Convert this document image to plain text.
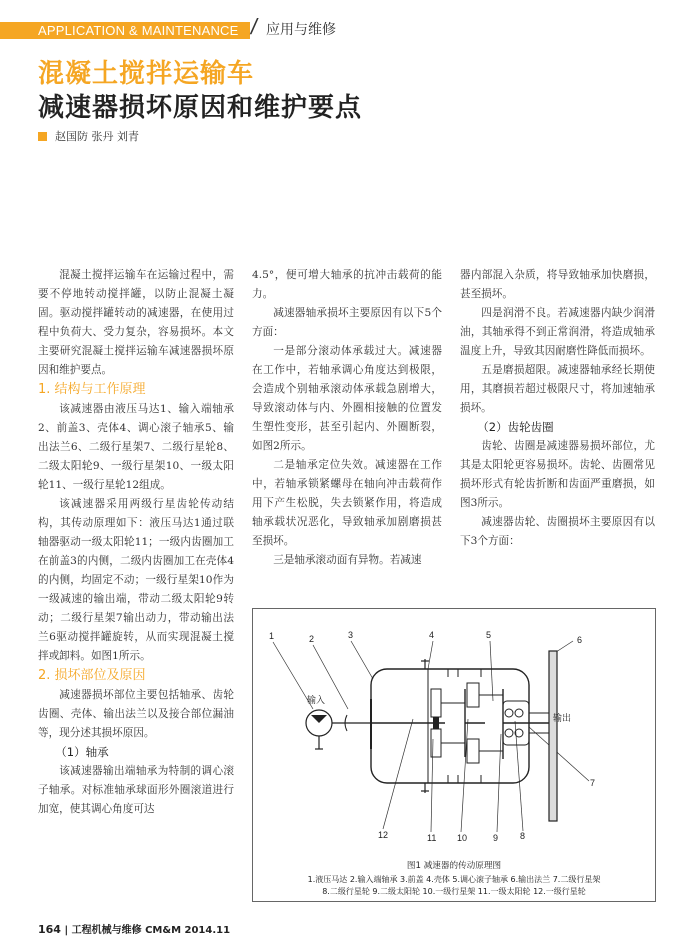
APPLICATION & MAINTENANCE / 应用与维修
混凝土搅拌运输车
减速器损坏原因和维护要点
赵国防 张丹 刘青

混凝土搅拌运输车在运输过程中，需要不停地转动搅拌罐，以防止混凝土凝固。驱动搅拌罐转动的减速器，在使用过程中负荷大、受力复杂，容易损坏。本文主要研究混凝土搅拌运输车减速器损坏原因和维护要点。

1. 结构与工作原理

该减速器由液压马达1、输入端轴承2、前盖3、壳体4、调心滚子轴承5、输出法兰6、二级行星架7、二级行星轮8、二级太阳轮9、一级行星架10、一级太阳轮11、一级行星轮12组成。

该减速器采用两级行星齿轮传动结构，其传动原理如下：液压马达1通过联轴器驱动一级太阳轮11；一级内齿圈加工在前盖3的内侧，二级内齿圈加工在壳体4的内侧，均固定不动；一级行星架10作为一级减速的输出端，带动二级太阳轮9转动；二级行星架7输出动力，带动输出法兰6驱动搅拌罐旋转，从而实现混凝土搅拌或卸料。如图1所示。

2. 损坏部位及原因

减速器损坏部位主要包括轴承、齿轮齿圈、壳体、输出法兰以及接合部位漏油等，现分述其损坏原因。

（1）轴承

该减速器输出端轴承为特制的调心滚子轴承。对标准轴承球面形外圈滚道进行加宽，使其调心角度可达

4.5°，便可增大轴承的抗冲击载荷的能力。

减速器轴承损坏主要原因有以下5个方面：

一是部分滚动体承载过大。减速器在工作中，若轴承调心角度达到极限，会造成个别轴承滚动体承载急剧增大，导致滚动体与内、外圈相接触的位置发生塑性变形，甚至引起内、外圈断裂，如图2所示。

二是轴承定位失效。减速器在工作中，若轴承锁紧螺母在轴向冲击载荷作用下产生松脱，失去锁紧作用，将造成轴承载状况恶化，导致轴承加剧磨损甚至损坏。

三是轴承滚动面有异物。若减速

器内部混入杂质，将导致轴承加快磨损，甚至损坏。

四是润滑不良。若减速器内缺少润滑油，其轴承得不到正常润滑，将造成轴承温度上升，导致其因耐磨性降低而损坏。

五是磨损超限。减速器轴承经长期使用，其磨损若超过极限尺寸，将加速轴承损坏。

（2）齿轮齿圈

齿轮、齿圈是减速器易损坏部位，尤其是太阳轮更容易损坏。齿轮、齿圈常见损坏形式有轮齿折断和齿面严重磨损，如图3所示。

减速器齿轮、齿圈损坏主要原因有以下3个方面：

1	2	3	4	5	6
7
12	11 10	9 8
输入
输出
图1 减速器的传动原理图
1.液压马达 2.输入端轴承 3.前盖 4.壳体 5.调心滚子轴承 6.输出法兰 7.二级行星架
8.二级行星轮 9.二级太阳轮 10.一级行星架 11.一级太阳轮 12.一级行星轮
164 | 工程机械与维修 CM&M 2014.11
